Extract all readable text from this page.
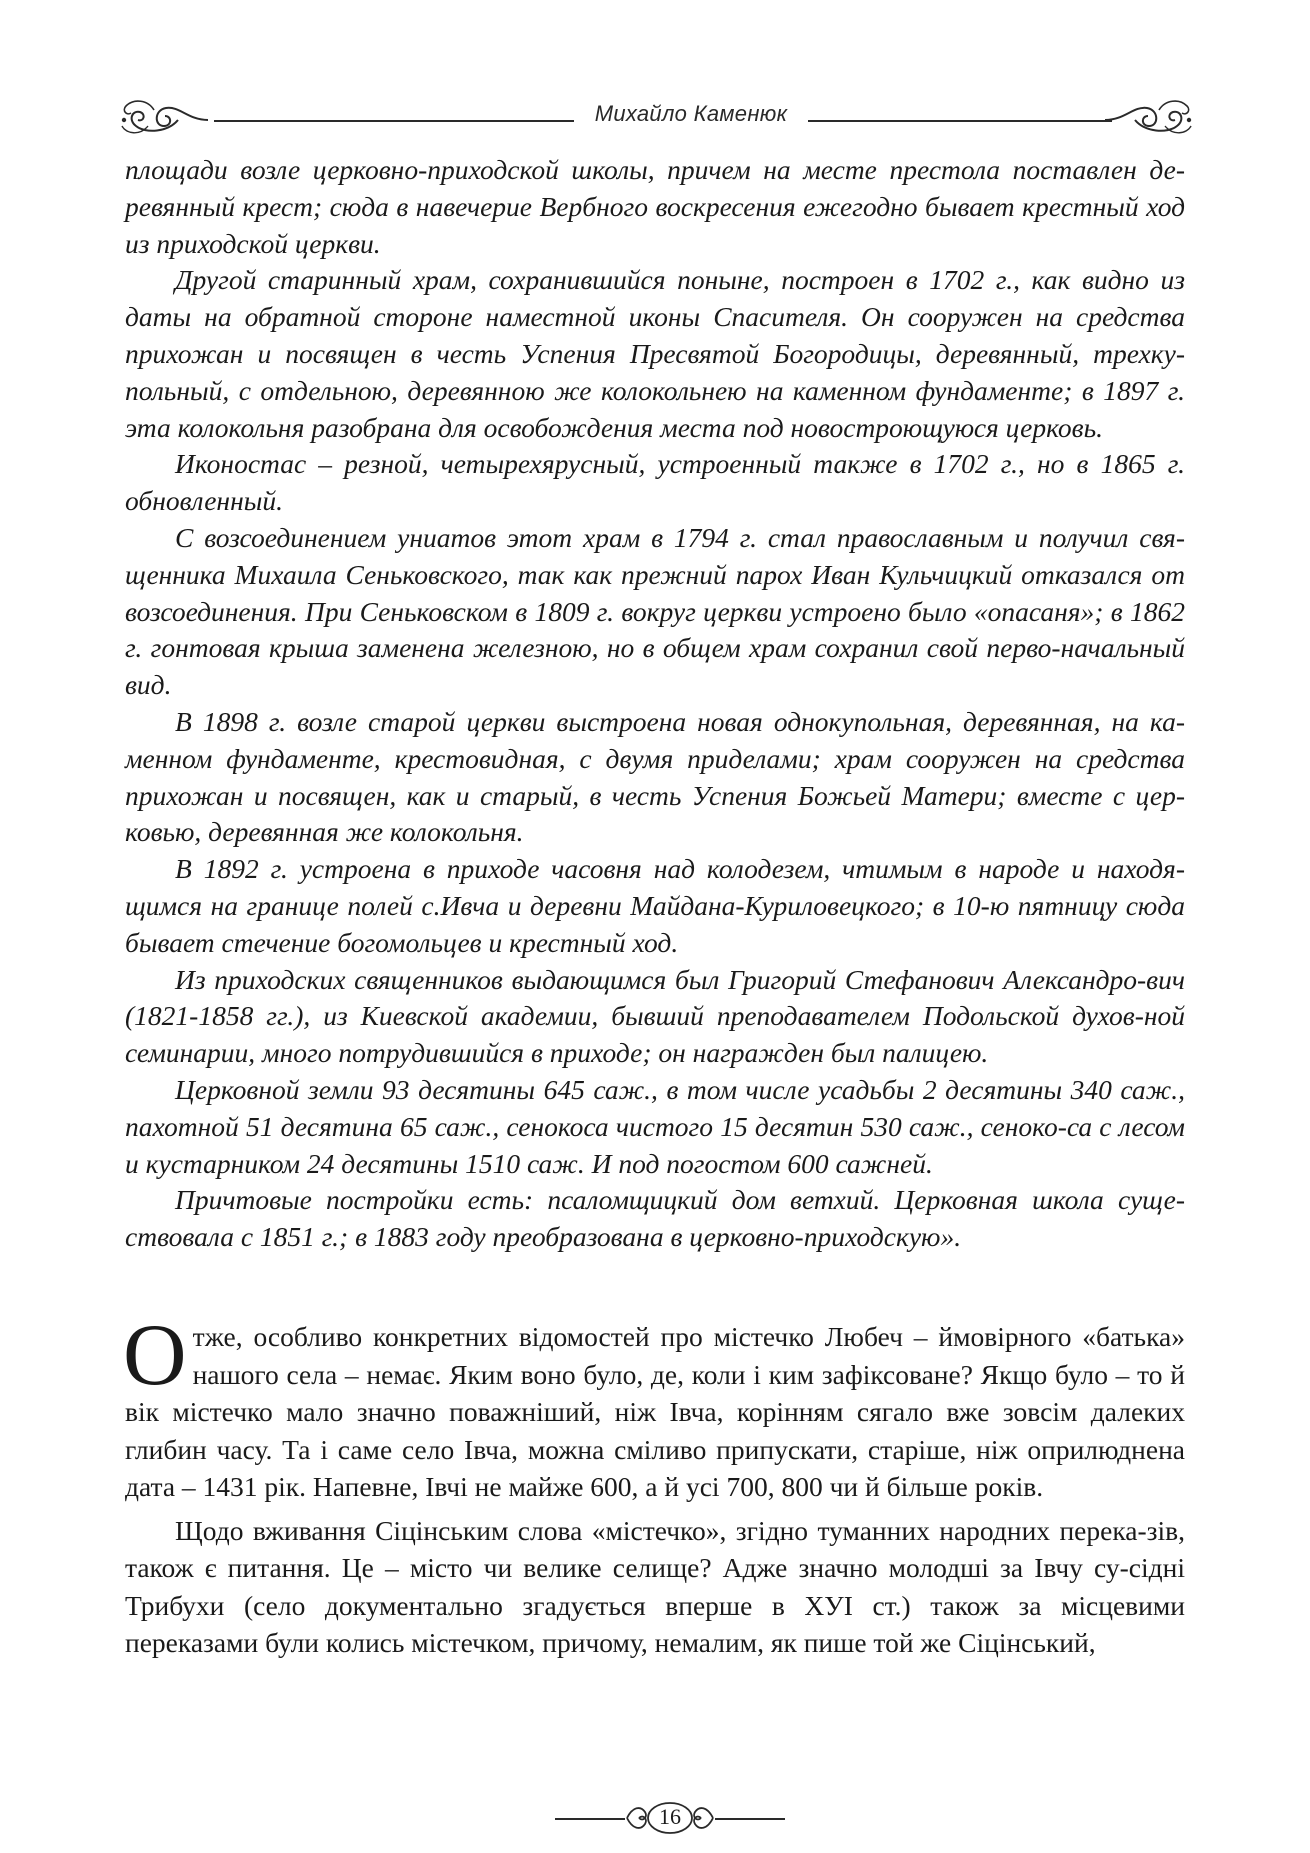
Михайло Каменюк

площади возле церковно-приходской школы, причем на месте престола поставлен де-ревянный крест; сюда в навечерие Вербного воскресения ежегодно бывает крестный ход из приходской церкви.

Другой старинный храм, сохранившийся поныне, построен в 1702 г., как видно из даты на обратной стороне наместной иконы Спасителя. Он сооружен на средства прихожан и посвящен в честь Успения Пресвятой Богородицы, деревянный, трехку-польный, с отдельною, деревянною же колокольнею на каменном фундаменте; в 1897 г. эта колокольня разобрана для освобождения места под новостроющуюся церковь.

Иконостас – резной, четырехярусный, устроенный также в 1702 г., но в 1865 г. обновленный.

С возсоединением униатов этот храм в 1794 г. стал православным и получил свя-щенника Михаила Сеньковского, так как прежний парох Иван Кульчицкий отказался от возсоединения. При Сеньковском в 1809 г. вокруг церкви устроено было «опасаня»; в 1862 г. гонтовая крыша заменена железною, но в общем храм сохранил свой перво-начальный вид.

В 1898 г. возле старой церкви выстроена новая однокупольная, деревянная, на ка-менном фундаменте, крестовидная, с двумя приделами; храм сооружен на средства прихожан и посвящен, как и старый, в честь Успения Божьей Матери; вместе с цер-ковью, деревянная же колокольня.

В 1892 г. устроена в приходе часовня над колодезем, чтимым в народе и находя-щимся на границе полей с.Ивча и деревни Майдана-Куриловецкого; в 10-ю пятницу сюда бывает стечение богомольцев и крестный ход.

Из приходских священников выдающимся был Григорий Стефанович Александро-вич (1821-1858 гг.), из Киевской академии, бывший преподавателем Подольской духов-ной семинарии, много потрудившийся в приходе; он награжден был палицею.

Церковной земли 93 десятины 645 саж., в том числе усадьбы 2 десятины 340 саж., пахотной 51 десятина 65 саж., сенокоса чистого 15 десятин 530 саж., сеноко-са с лесом и кустарником 24 десятины 1510 саж. И под погостом 600 сажней.

Причтовые постройки есть: псаломщицкий дом ветхий. Церковная школа суще-ствовала с 1851 г.; в 1883 году преобразована в церковно-приходскую».

Отже, особливо конкретних відомостей про містечко Любеч – ймовірного «батька» нашого села – немає. Яким воно було, де, коли і ким зафіксоване? Якщо було – то й вік містечко мало значно поважніший, ніж Івча, корінням сягало вже зовсім далеких глибин часу. Та і саме село Івча, можна сміливо припускати, старіше, ніж оприлюднена дата – 1431 рік. Напевне, Івчі не майже 600, а й усі 700, 800 чи й більше років.

Щодо вживання Сіцінським слова «містечко», згідно туманних народних перека-зів, також є питання. Це – місто чи велике селище? Адже значно молодші за Івчу су-сідні Трибухи (село документально згадується вперше в ХУІ ст.) також за місцевими переказами були колись містечком, причому, немалим, як пише той же Сіцінський,

16
